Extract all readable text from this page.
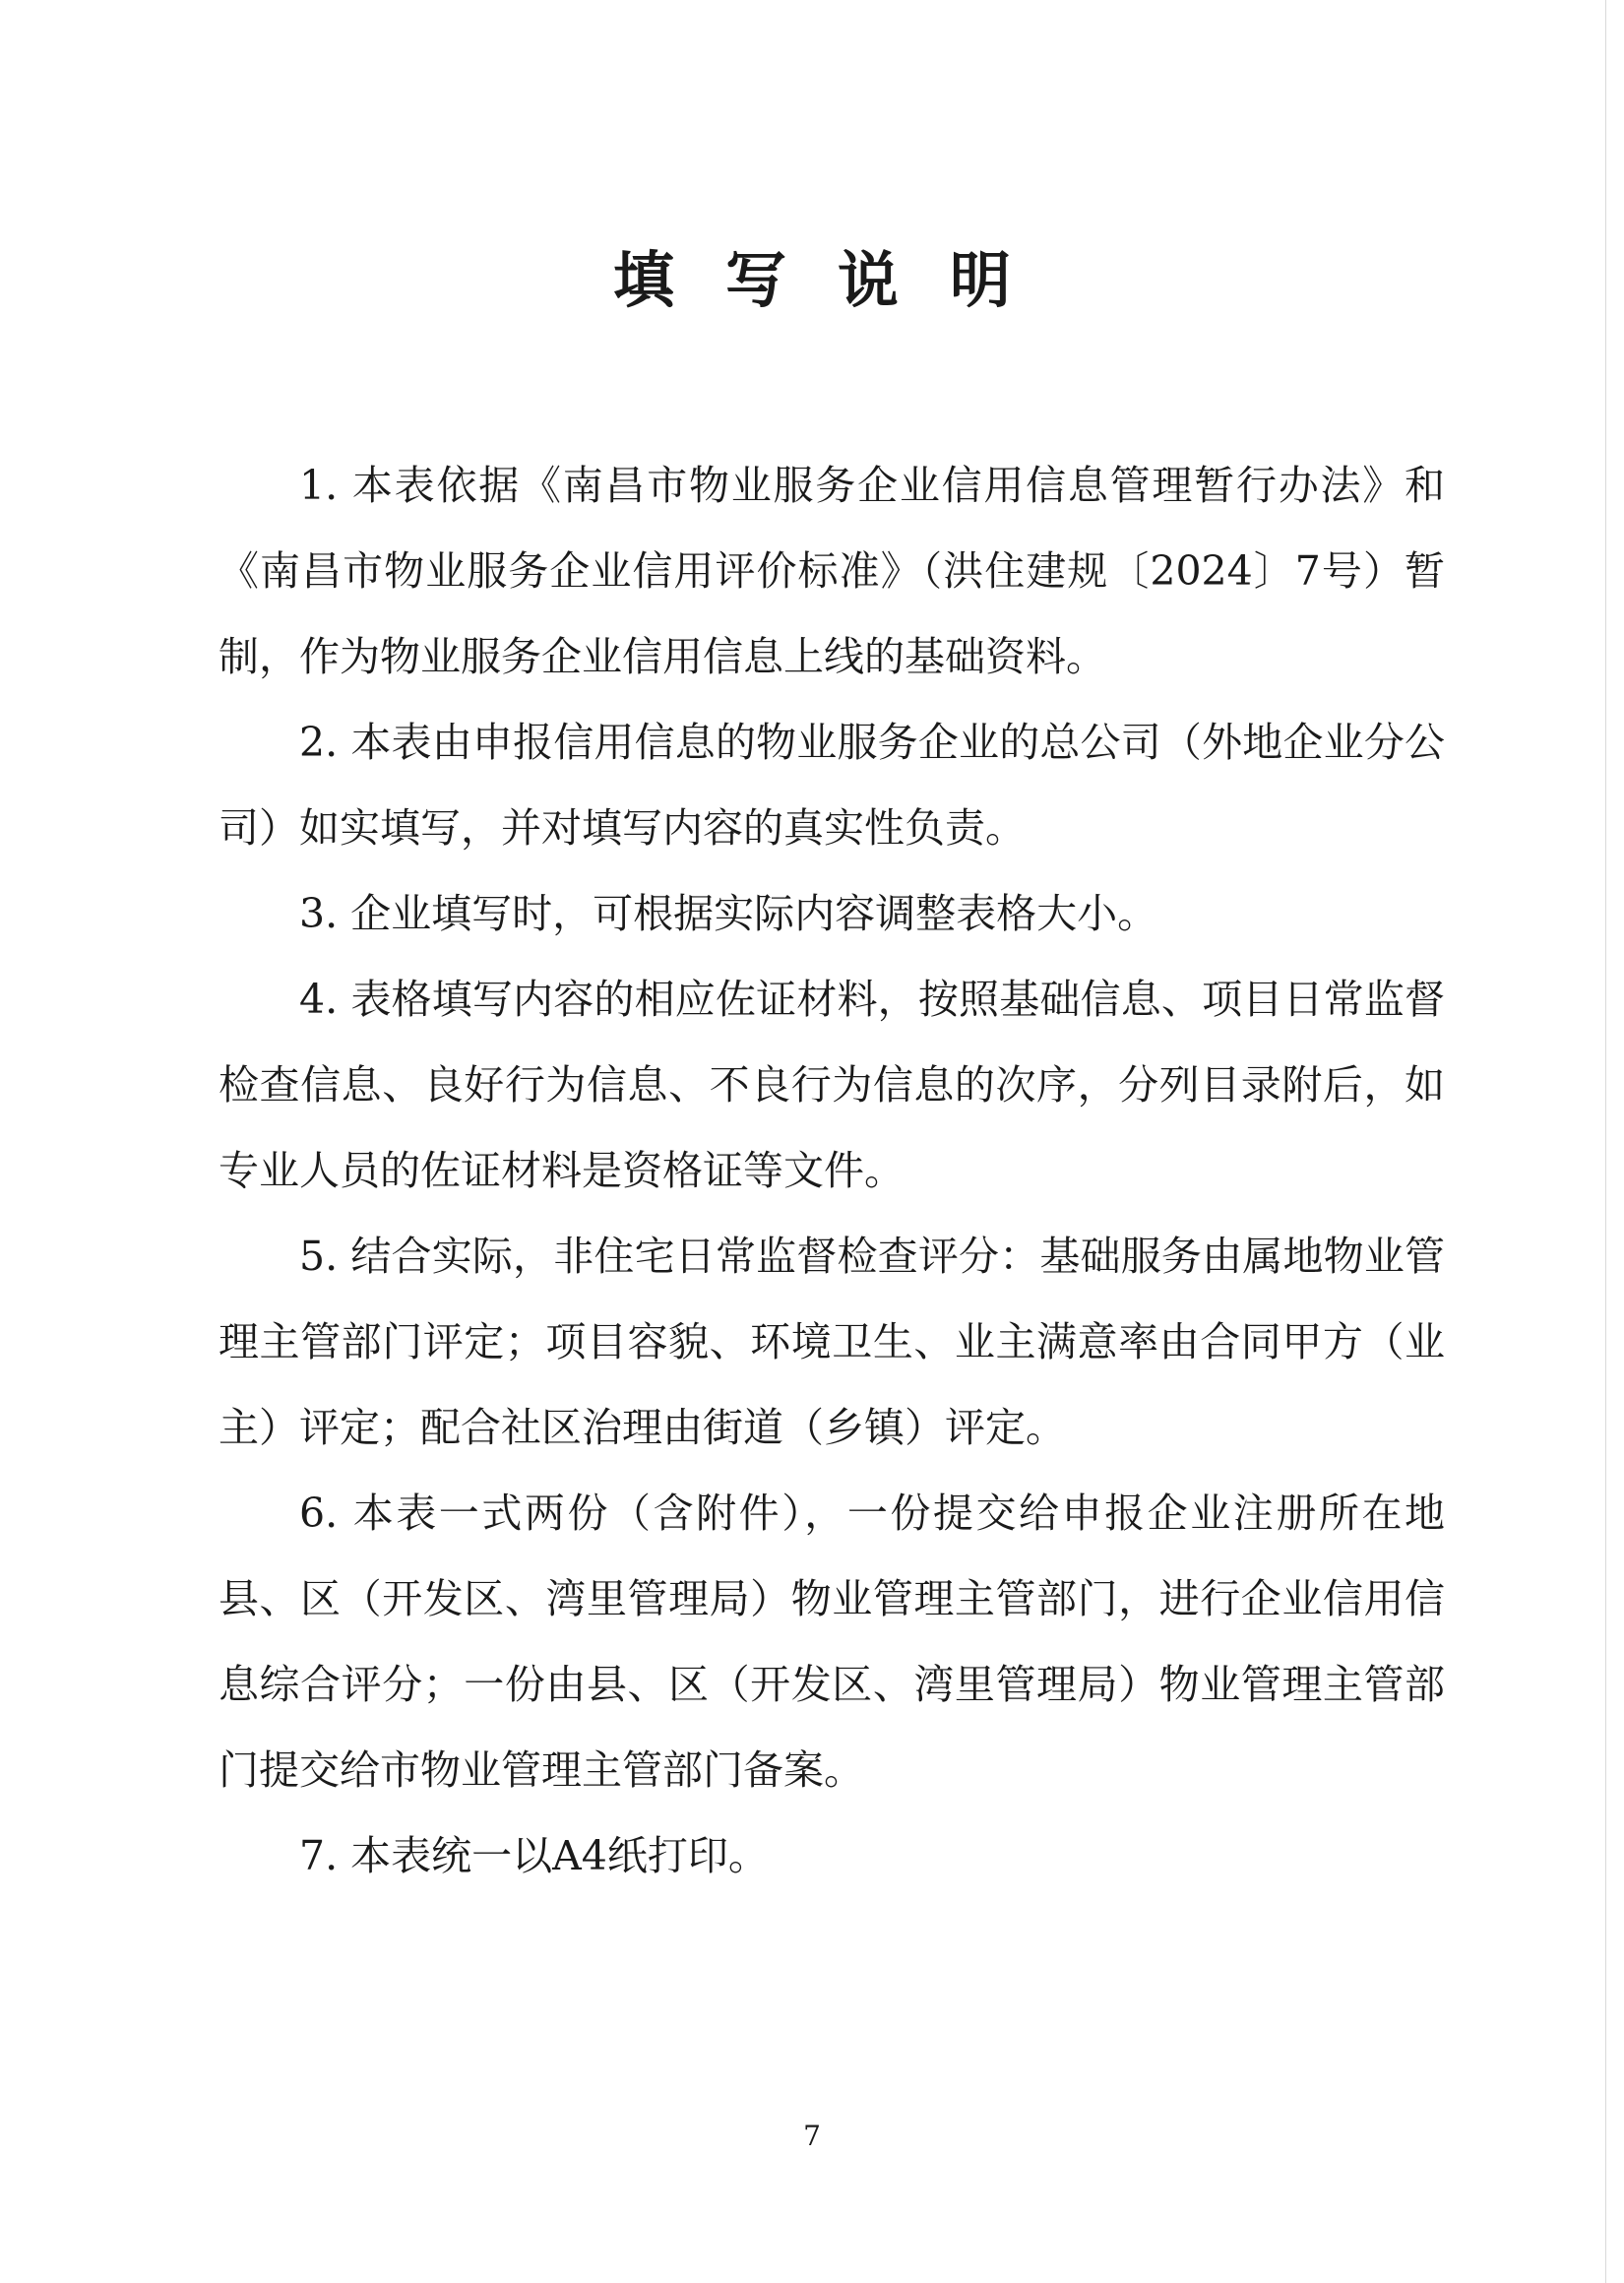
填写说明

1. 本表依据《南昌市物业服务企业信用信息管理暂行办法》和《南昌市物业服务企业信用评价标准》（洪住建规〔2024〕7号）暂制，作为物业服务企业信用信息上线的基础资料。

2. 本表由申报信用信息的物业服务企业的总公司（外地企业分公司）如实填写，并对填写内容的真实性负责。

3. 企业填写时，可根据实际内容调整表格大小。

4. 表格填写内容的相应佐证材料，按照基础信息、项目日常监督检查信息、良好行为信息、不良行为信息的次序，分列目录附后，如专业人员的佐证材料是资格证等文件。

5. 结合实际，非住宅日常监督检查评分：基础服务由属地物业管理主管部门评定；项目容貌、环境卫生、业主满意率由合同甲方（业主）评定；配合社区治理由街道（乡镇）评定。

6. 本表一式两份（含附件），一份提交给申报企业注册所在地县、区（开发区、湾里管理局）物业管理主管部门，进行企业信用信息综合评分；一份由县、区（开发区、湾里管理局）物业管理主管部门提交给市物业管理主管部门备案。

7. 本表统一以A4纸打印。

7
